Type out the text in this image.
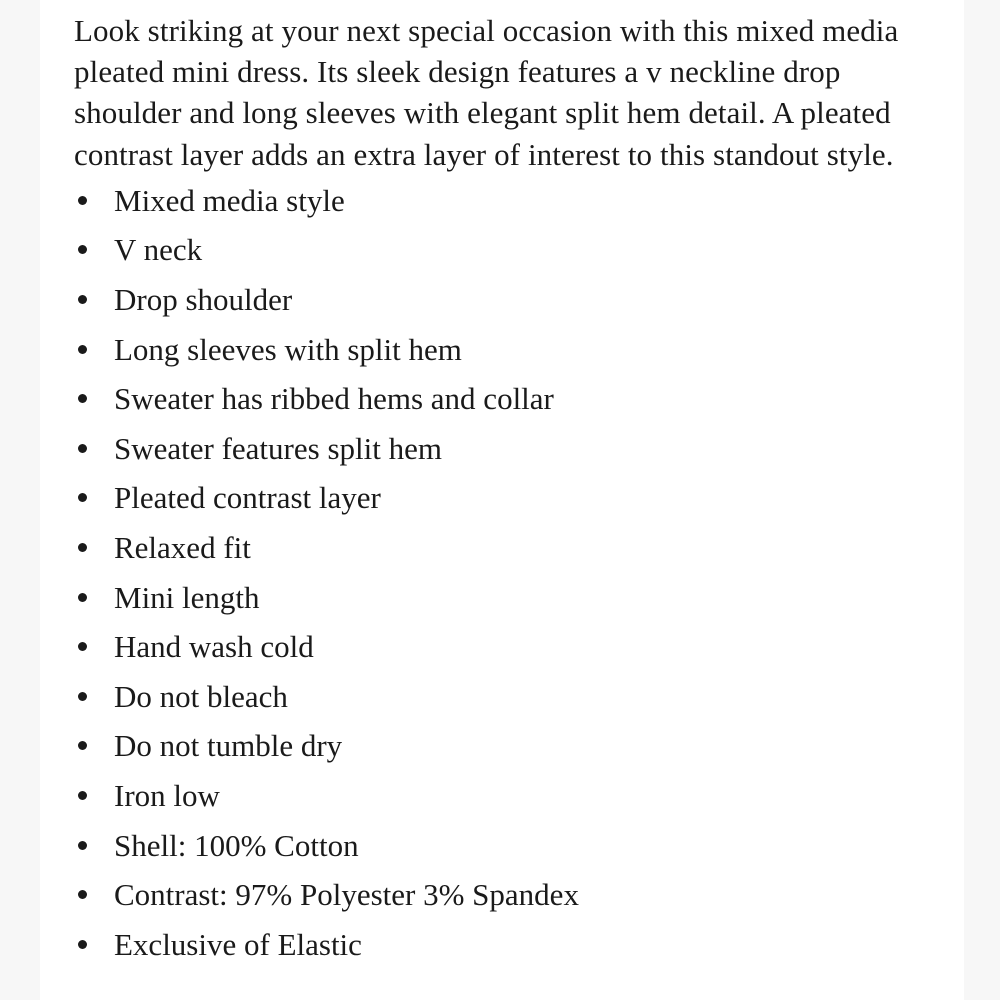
Look striking at your next special occasion with this mixed media pleated mini dress. Its sleek design features a v neckline drop shoulder and long sleeves with elegant split hem detail. A pleated contrast layer adds an extra layer of interest to this standout style.

Mixed media style
V neck
Drop shoulder
Long sleeves with split hem
Sweater has ribbed hems and collar
Sweater features split hem
Pleated contrast layer
Relaxed fit
Mini length
Hand wash cold
Do not bleach
Do not tumble dry
Iron low
Shell: 100% Cotton
Contrast: 97% Polyester 3% Spandex
Exclusive of Elastic
